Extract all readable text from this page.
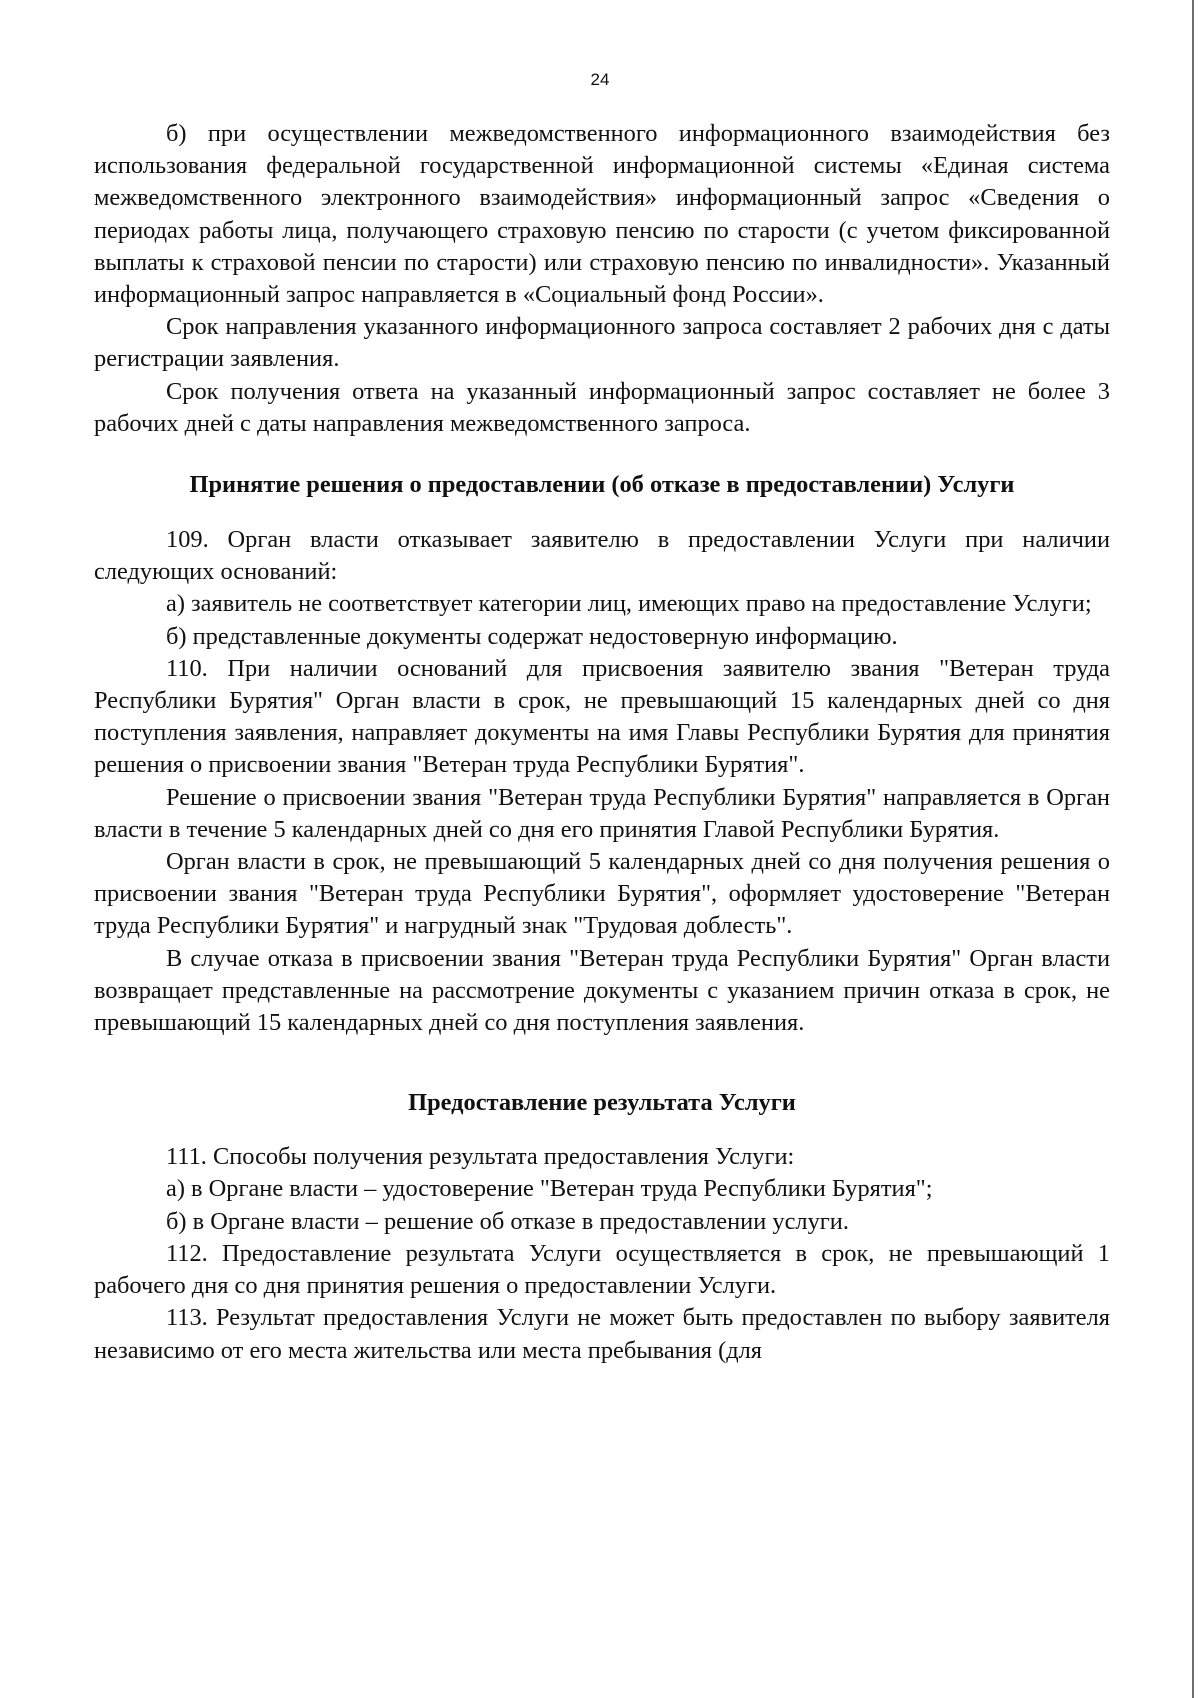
24

б) при осуществлении межведомственного информационного взаимодействия без использования федеральной государственной информационной системы «Единая система межведомственного электронного взаимодействия» информационный запрос «Сведения о периодах работы лица, получающего страховую пенсию по старости (с учетом фиксированной выплаты к страховой пенсии по старости) или страховую пенсию по инвалидности». Указанный информационный запрос направляется в «Социальный фонд России».

Срок направления указанного информационного запроса составляет 2 рабочих дня с даты регистрации заявления.

Срок получения ответа на указанный информационный запрос составляет не более 3 рабочих дней с даты направления межведомственного запроса.

Принятие решения о предоставлении (об отказе в предоставлении) Услуги

109. Орган власти отказывает заявителю в предоставлении Услуги при наличии следующих оснований:

а) заявитель не соответствует категории лиц, имеющих право на предоставление Услуги;

б) представленные документы содержат недостоверную информацию.

110. При наличии оснований для присвоения заявителю звания "Ветеран труда Республики Бурятия" Орган власти в срок, не превышающий 15 календарных дней со дня поступления заявления, направляет документы на имя Главы Республики Бурятия для принятия решения о присвоении звания "Ветеран труда Республики Бурятия".

Решение о присвоении звания "Ветеран труда Республики Бурятия" направляется в Орган власти в течение 5 календарных дней со дня его принятия Главой Республики Бурятия.

Орган власти в срок, не превышающий 5 календарных дней со дня получения решения о присвоении звания "Ветеран труда Республики Бурятия", оформляет удостоверение "Ветеран труда Республики Бурятия" и нагрудный знак "Трудовая доблесть".

В случае отказа в присвоении звания "Ветеран труда Республики Бурятия" Орган власти возвращает представленные на рассмотрение документы с указанием причин отказа в срок, не превышающий 15 календарных дней со дня поступления заявления.

Предоставление результата Услуги

111. Способы получения результата предоставления Услуги:

а) в Органе власти – удостоверение "Ветеран труда Республики Бурятия";

б) в Органе власти – решение об отказе в предоставлении услуги.

112. Предоставление результата Услуги осуществляется в срок, не превышающий 1 рабочего дня со дня принятия решения о предоставлении Услуги.

113. Результат предоставления Услуги не может быть предоставлен по выбору заявителя независимо от его места жительства или места пребывания (для
